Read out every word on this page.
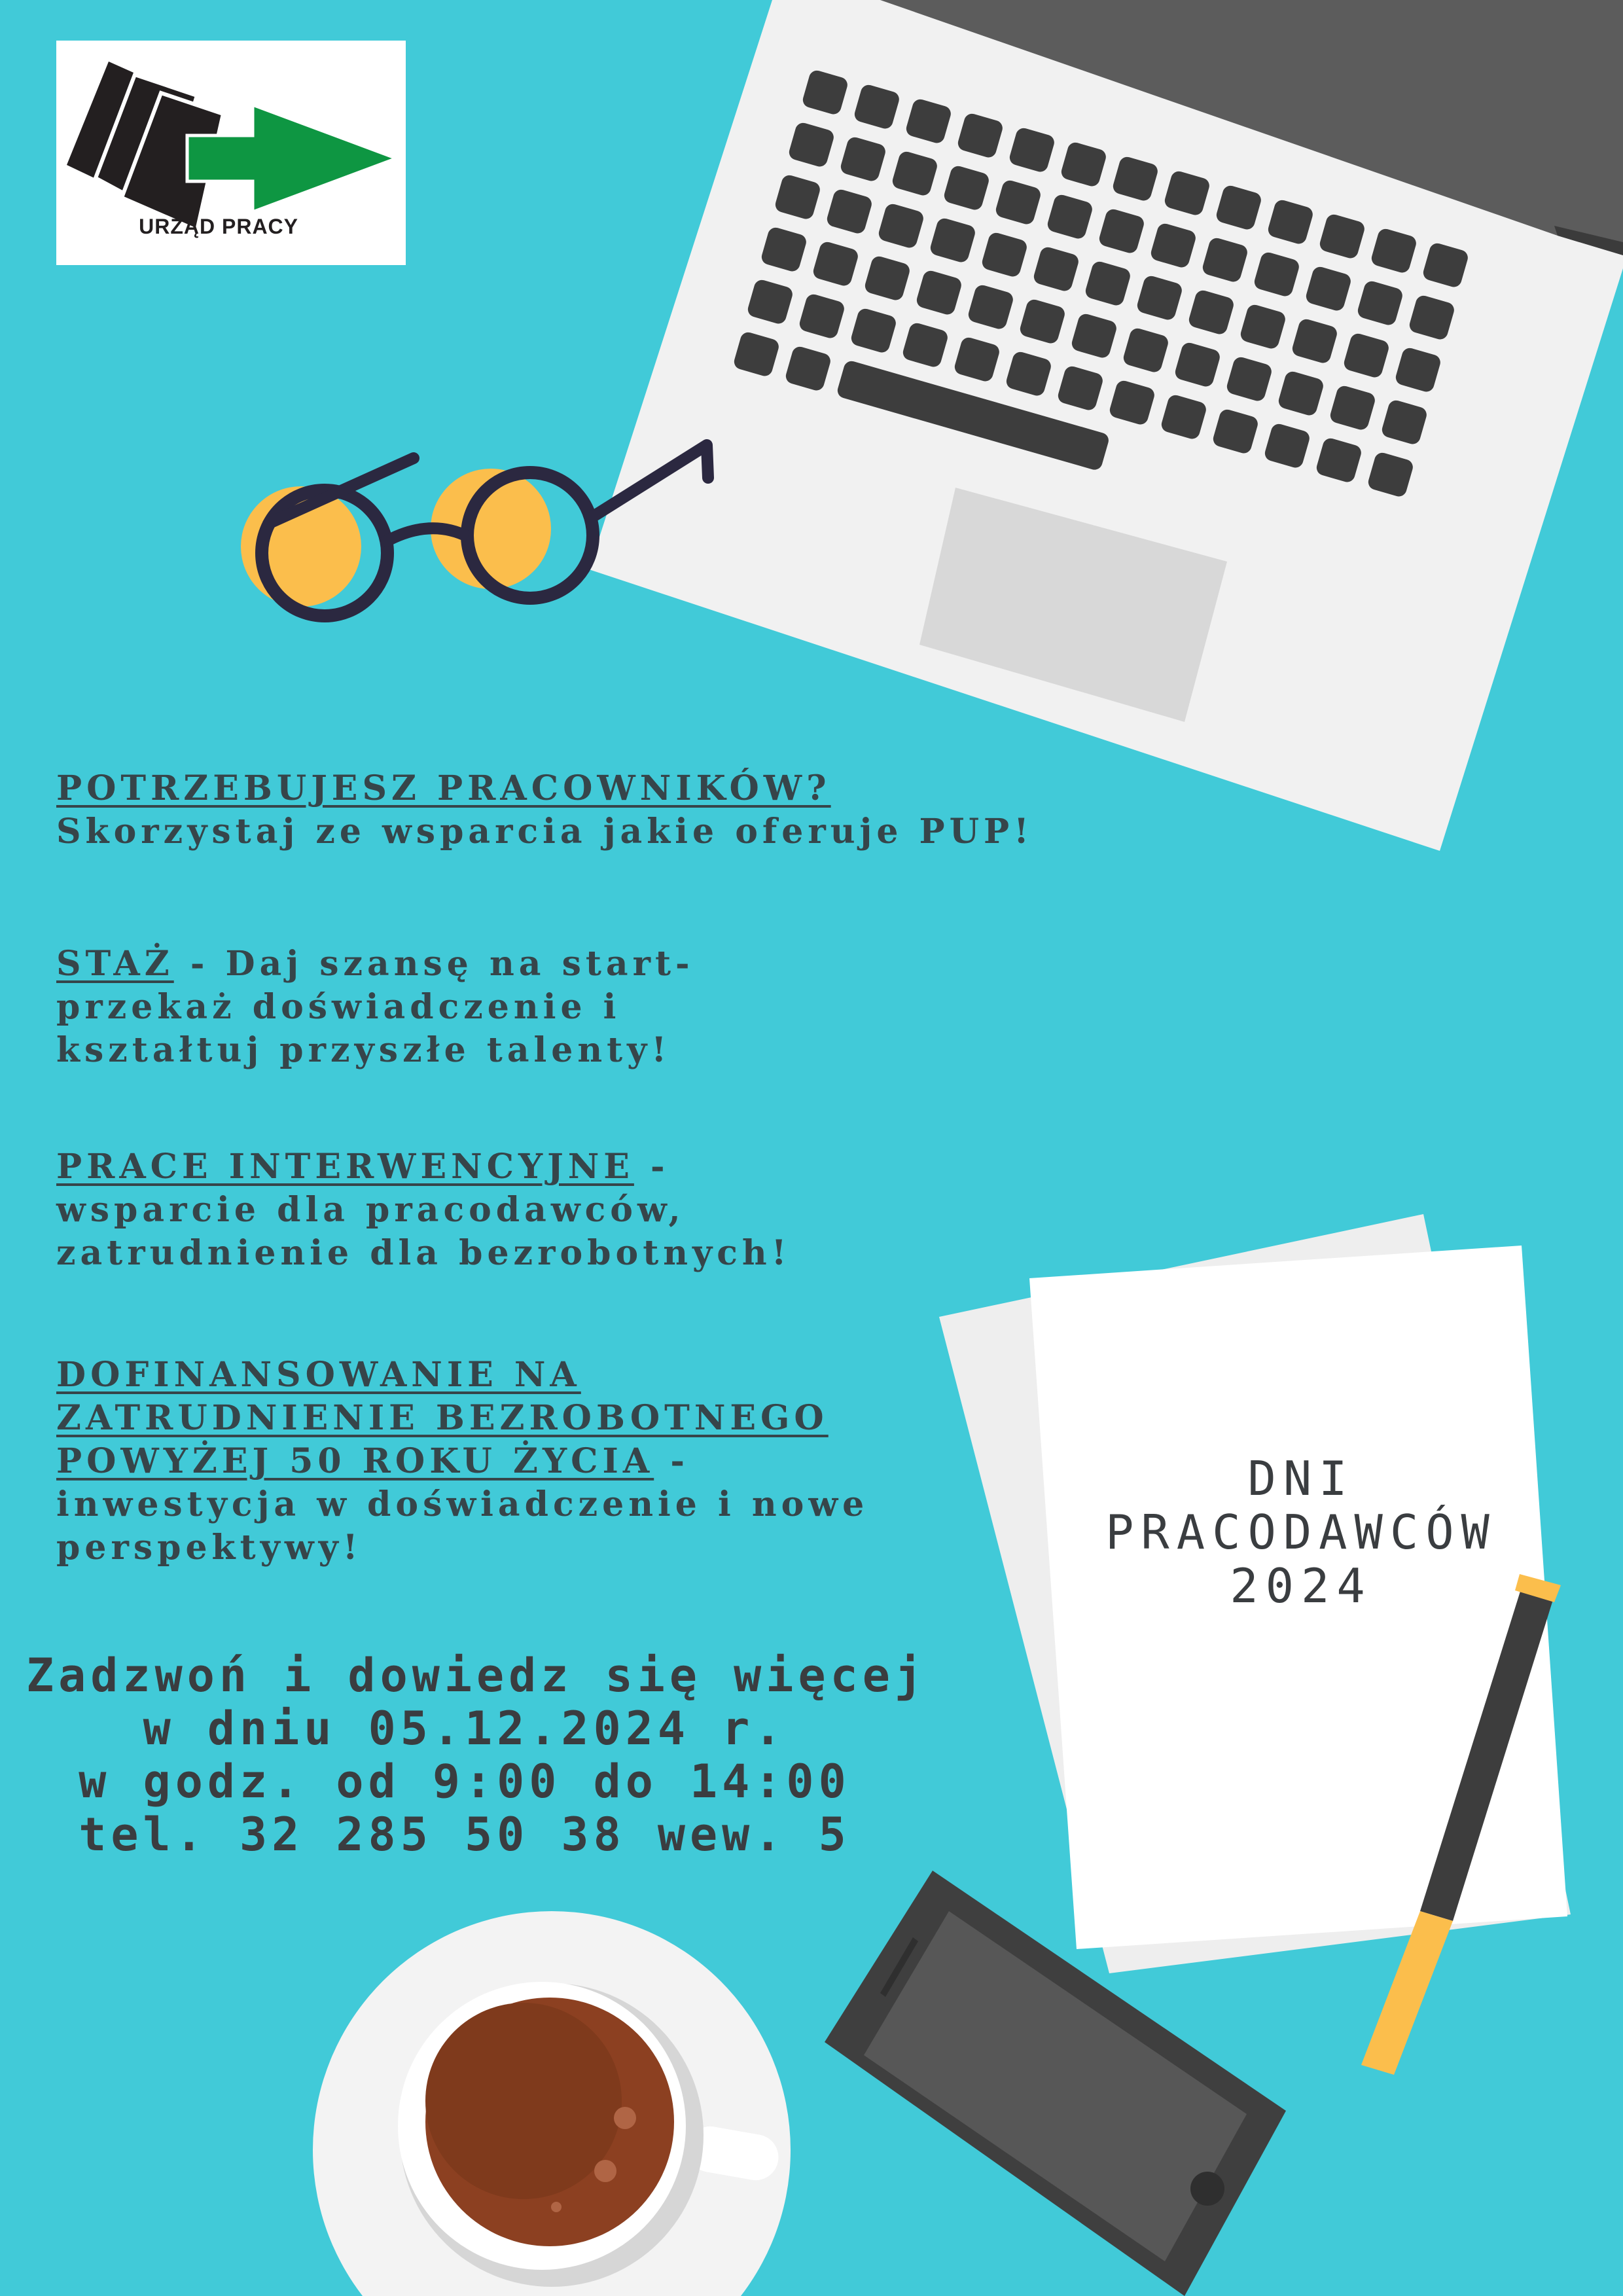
URZĄD PRACY
POTRZEBUJESZ PRACOWNIKÓW?
Skorzystaj ze wsparcia jakie oferuje PUP!
STAŻ - Daj szansę na start-
przekaż doświadczenie i
kształtuj przyszłe talenty!
PRACE INTERWENCYJNE -
wsparcie dla pracodawców,
zatrudnienie dla bezrobotnych!
DOFINANSOWANIE NA
ZATRUDNIENIE BEZROBOTNEGO
POWYŻEJ 50 ROKU ŻYCIA -
inwestycja w doświadczenie i nowe
perspektywy!
Zadzwoń i dowiedz się więcej
w dniu 05.12.2024 r.
w godz. od 9:00 do 14:00
tel. 32 285 50 38 wew. 5
DNI
PRACODAWCÓW
2024
